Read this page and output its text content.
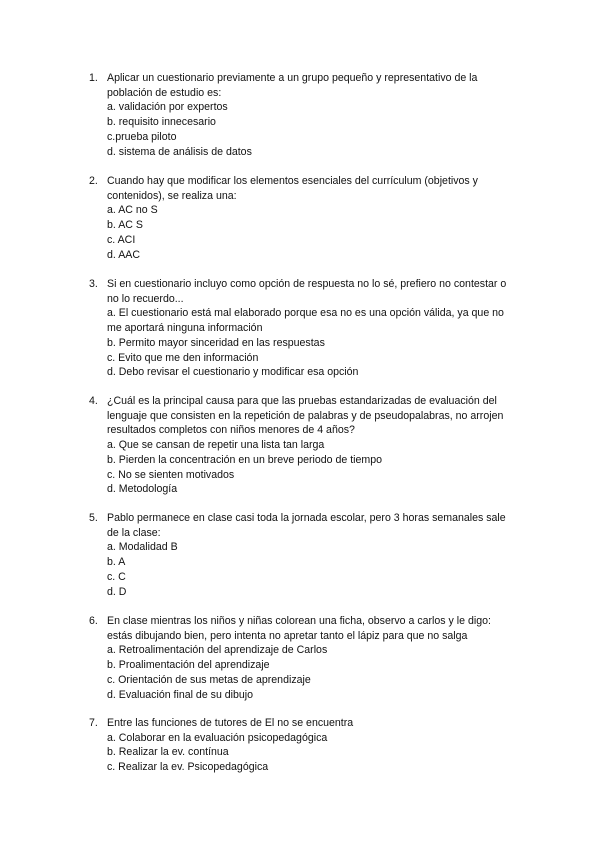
1. Aplicar un cuestionario previamente a un grupo pequeño y representativo de la
población de estudio es:
a. validación por expertos
b. requisito innecesario
c.prueba piloto
d. sistema de análisis de datos
2. Cuando hay que modificar los elementos esenciales del currículum (objetivos y
contenidos), se realiza una:
a. AC no S
b. AC S
c. ACI
d. AAC
3. Si en cuestionario incluyo como opción de respuesta no lo sé, prefiero no contestar o
no lo recuerdo...
a. El cuestionario está mal elaborado porque esa no es una opción válida, ya que no
me aportará ninguna información
b. Permito mayor sinceridad en las respuestas
c. Evito que me den información
d. Debo revisar el cuestionario y modificar esa opción
4. ¿Cuál es la principal causa para que las pruebas estandarizadas de evaluación del
lenguaje que consisten en la repetición de palabras y de pseudopalabras, no arrojen
resultados completos con niños menores de 4 años?
a. Que se cansan de repetir una lista tan larga
b. Pierden la concentración en un breve periodo de tiempo
c. No se sienten motivados
d. Metodología
5. Pablo permanece en clase casi toda la jornada escolar, pero 3 horas semanales sale
de la clase:
a. Modalidad B
b. A
c. C
d. D
6. En clase mientras los niños y niñas colorean una ficha, observo a carlos y le digo:
estás dibujando bien, pero intenta no apretar tanto el lápiz para que no salga
a. Retroalimentación del aprendizaje de Carlos
b. Proalimentación del aprendizaje
c. Orientación de sus metas de aprendizaje
d. Evaluación final de su dibujo
7. Entre las funciones de tutores de El no se encuentra
a. Colaborar en la evaluación psicopedagógica
b. Realizar la ev. contínua
c. Realizar la ev. Psicopedagógica
